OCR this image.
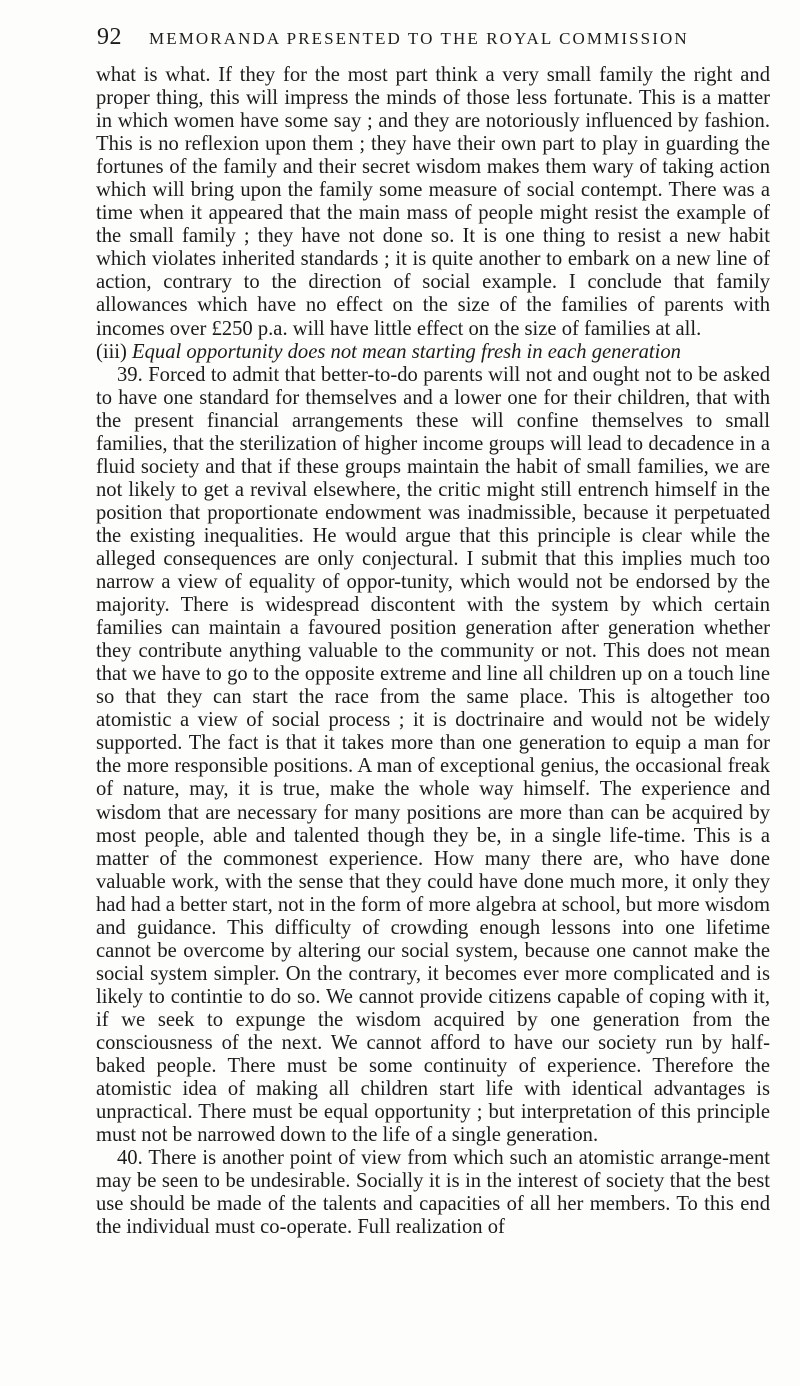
92	MEMORANDA PRESENTED TO THE ROYAL COMMISSION

what is what. If they for the most part think a very small family the right and proper thing, this will impress the minds of those less fortunate. This is a matter in which women have some say ; and they are notoriously influenced by fashion. This is no reflexion upon them ; they have their own part to play in guarding the fortunes of the family and their secret wisdom makes them wary of taking action which will bring upon the family some measure of social contempt. There was a time when it appeared that the main mass of people might resist the example of the small family ; they have not done so. It is one thing to resist a new habit which violates inherited standards ; it is quite another to embark on a new line of action, contrary to the direction of social example. I conclude that family allowances which have no effect on the size of the families of parents with incomes over £250 p.a. will have little effect on the size of families at all.

(iii) Equal opportunity does not mean starting fresh in each generation

39. Forced to admit that better-to-do parents will not and ought not to be asked to have one standard for themselves and a lower one for their children, that with the present financial arrangements these will confine themselves to small families, that the sterilization of higher income groups will lead to decadence in a fluid society and that if these groups maintain the habit of small families, we are not likely to get a revival elsewhere, the critic might still entrench himself in the position that proportionate endowment was inadmissible, because it perpetuated the existing inequalities. He would argue that this principle is clear while the alleged consequences are only conjectural. I submit that this implies much too narrow a view of equality of oppor-tunity, which would not be endorsed by the majority. There is widespread discontent with the system by which certain families can maintain a favoured position generation after generation whether they contribute anything valuable to the community or not. This does not mean that we have to go to the opposite extreme and line all children up on a touch line so that they can start the race from the same place. This is altogether too atomistic a view of social process ; it is doctrinaire and would not be widely supported. The fact is that it takes more than one generation to equip a man for the more responsible positions. A man of exceptional genius, the occasional freak of nature, may, it is true, make the whole way himself. The experience and wisdom that are necessary for many positions are more than can be acquired by most people, able and talented though they be, in a single life-time. This is a matter of the commonest experience. How many there are, who have done valuable work, with the sense that they could have done much more, it only they had had a better start, not in the form of more algebra at school, but more wisdom and guidance. This difficulty of crowding enough lessons into one lifetime cannot be overcome by altering our social system, because one cannot make the social system simpler. On the contrary, it becomes ever more complicated and is likely to contintie to do so. We cannot provide citizens capable of coping with it, if we seek to expunge the wisdom acquired by one generation from the consciousness of the next. We cannot afford to have our society run by half-baked people. There must be some continuity of experience. Therefore the atomistic idea of making all children start life with identical advantages is unpractical. There must be equal opportunity ; but interpretation of this principle must not be narrowed down to the life of a single generation.

40. There is another point of view from which such an atomistic arrange-ment may be seen to be undesirable. Socially it is in the interest of society that the best use should be made of the talents and capacities of all her members. To this end the individual must co-operate. Full realization of
